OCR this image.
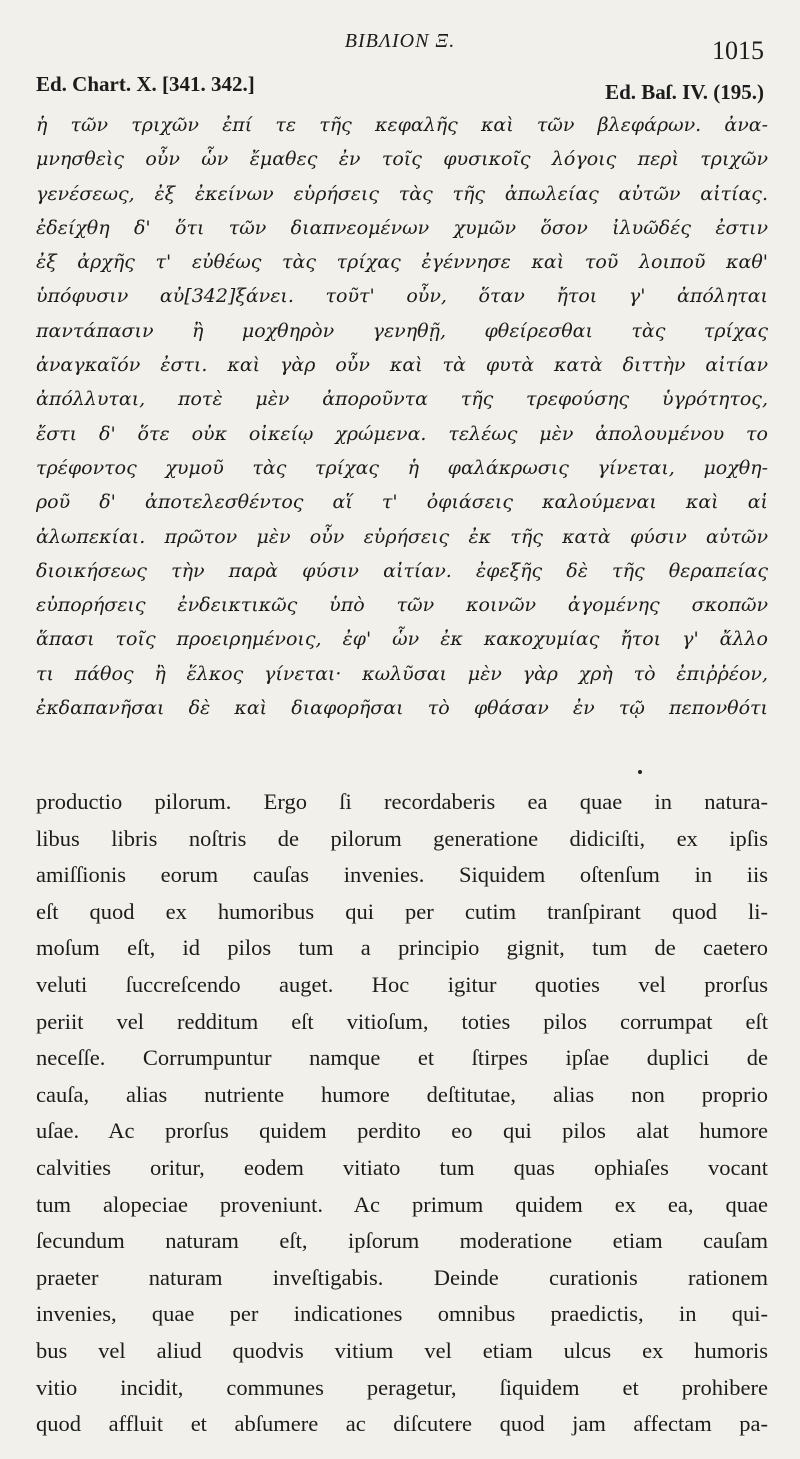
ΒΙΒΛΙΟΝ Ξ.	1015
Ed. Chart. X. [341. 342.]	Ed. Baſ. IV. (195.)
ἡ τῶν τριχῶν ἐπί τε τῆς κεφαλῆς καὶ τῶν βλεφάρων. ἀνα-
μνησθεὶς οὖν ὧν ἔμαθες ἐν τοῖς φυσικοῖς λόγοις περὶ τριχῶν
γενέσεως, ἐξ ἐκείνων εὑρήσεις τὰς τῆς ἀπωλείας αὐτῶν αἰτίας.
ἐδείχθη δ' ὅτι τῶν διαπνεομένων χυμῶν ὅσον ἰλυῶδές ἐστιν
ἐξ ἀρχῆς τ' εὐθέως τὰς τρίχας ἐγέννησε καὶ τοῦ λοιποῦ καθ'
ὑπόφυσιν αὐ[342]ξάνει. τοῦτ' οὖν, ὅταν ἤτοι γ' ἀπόληται
παντάπασιν ἢ μοχθηρὸν γενηθῇ, φθείρεσθαι τὰς τρίχας
ἀναγκαῖόν ἐστι. καὶ γὰρ οὖν καὶ τὰ φυτὰ κατὰ διττὴν αἰτίαν
ἀπόλλυται, ποτὲ μὲν ἀποροῦντα τῆς τρεφούσης ὑγρότητος,
ἔστι δ' ὅτε οὐκ οἰκείῳ χρώμενα. τελέως μὲν ἀπολουμένου το
τρέφοντος χυμοῦ τὰς τρίχας ἡ φαλάκρωσις γίνεται, μοχθη-
ροῦ δ' ἀποτελεσθέντος αἵ τ' ὀφιάσεις καλούμεναι καὶ αἱ
ἀλωπεκίαι. πρῶτον μὲν οὖν εὑρήσεις ἐκ τῆς κατὰ φύσιν αὐτῶν
διοικήσεως τὴν παρὰ φύσιν αἰτίαν. ἐφεξῆς δὲ τῆς θεραπείας
εὐπορήσεις ἐνδεικτικῶς ὑπὸ τῶν κοινῶν ἀγομένης σκοπῶν
ἅπασι τοῖς προειρημένοις, ἐφ' ὧν ἐκ κακοχυμίας ἤτοι γ' ἄλλο
τι πάθος ἢ ἕλκος γίνεται· κωλῦσαι μὲν γὰρ χρὴ τὸ ἐπιῤῥέον,
ἐκδαπανῆσαι δὲ καὶ διαφορῆσαι τὸ φθάσαν ἐν τῷ πεπονθότι
productio pilorum. Ergo ſi recordaberis ea quae in natura-
libus libris noſtris de pilorum generatione didiciſti, ex ipſis
amiſſionis eorum cauſas invenies. Siquidem oſtenſum in iis
eſt quod ex humoribus qui per cutim tranſpirant quod li-
moſum eſt, id pilos tum a principio gignit, tum de caetero
veluti ſuccreſcendo auget. Hoc igitur quoties vel prorſus
periit vel redditum eſt vitioſum, toties pilos corrumpat eſt
neceſſe. Corrumpuntur namque et ſtirpes ipſae duplici de
cauſa, alias nutriente humore deſtitutae, alias non proprio
uſae. Ac prorſus quidem perdito eo qui pilos alat humore
calvities oritur, eodem vitiato tum quas ophiaſes vocant
tum alopeciae proveniunt. Ac primum quidem ex ea, quae
ſecundum naturam eſt, ipſorum moderatione etiam cauſam
praeter naturam inveſtigabis. Deinde curationis rationem
invenies, quae per indicationes omnibus praedictis, in qui-
bus vel aliud quodvis vitium vel etiam ulcus ex humoris
vitio incidit, communes peragetur, ſiquidem et prohibere
quod affluit et abſumere ac diſcutere quod jam affectam pa-
